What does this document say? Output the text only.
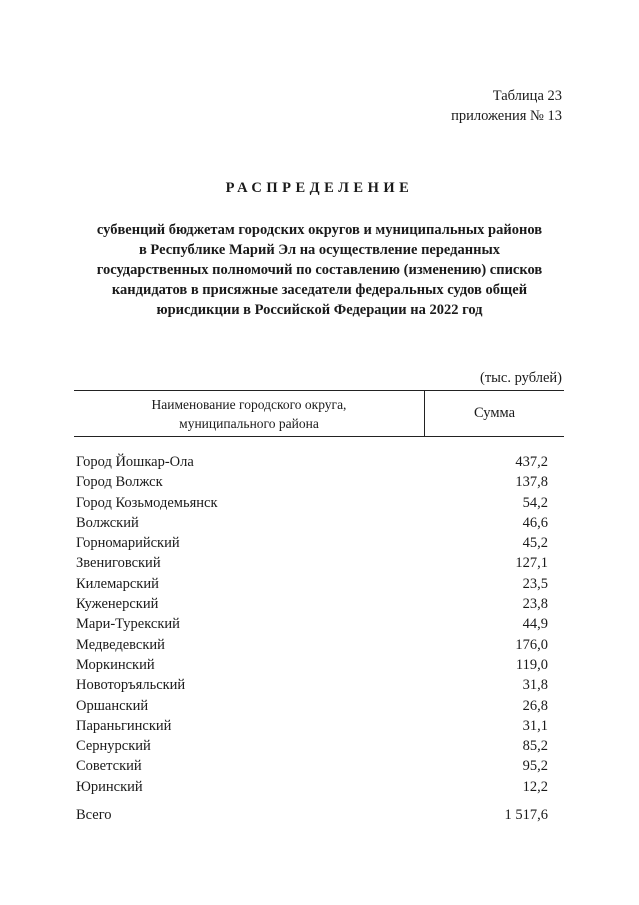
Таблица 23
приложения № 13
РАСПРЕДЕЛЕНИЕ
субвенций бюджетам городских округов и муниципальных районов
в Республике Марий Эл на осуществление переданных
государственных полномочий по составлению (изменению) списков
кандидатов в присяжные заседатели федеральных судов общей
юрисдикции в Российской Федерации на 2022 год
(тыс. рублей)
Наименование городского округа,
муниципального района
Сумма
Город Йошкар-Ола	437,2
Город Волжск	137,8
Город Козьмодемьянск	54,2
Волжский	46,6
Горномарийский	45,2
Звениговский	127,1
Килемарский	23,5
Куженерский	23,8
Мари-Турекский	44,9
Медведевский	176,0
Моркинский	119,0
Новоторъяльский	31,8
Оршанский	26,8
Параньгинский	31,1
Сернурский	85,2
Советский	95,2
Юринский	12,2
Всего	1 517,6
